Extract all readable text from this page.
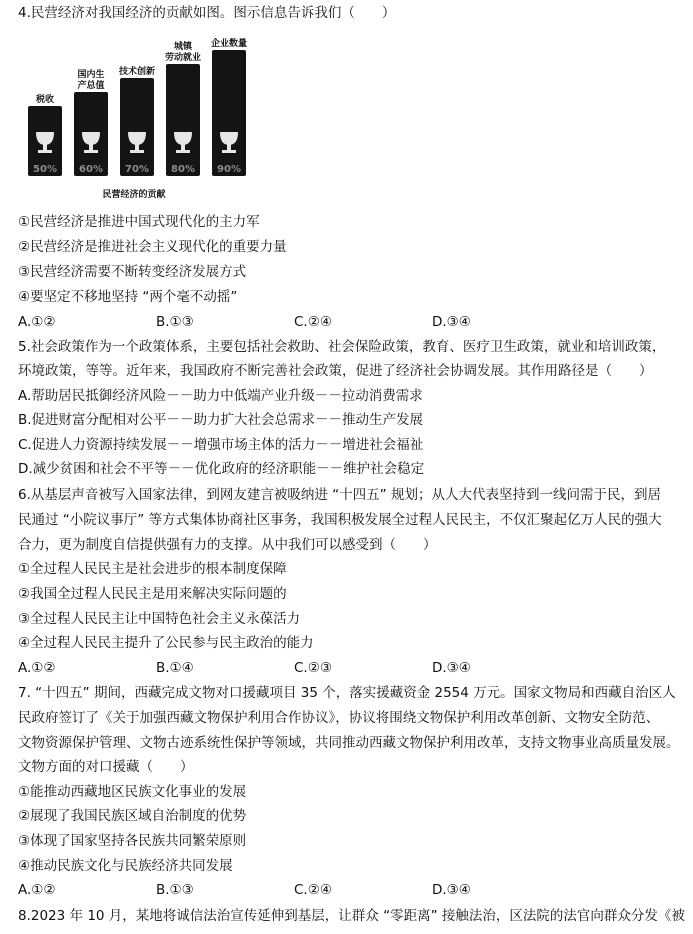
4.民营经济对我国经济的贡献如图。图示信息告诉我们（　　）
50%
税收
60%
国内生
产总值
70%
技术创新
80%
城镇
劳动就业
90%
企业数量
民营经济的贡献
①民营经济是推进中国式现代化的主力军
②民营经济是推进社会主义现代化的重要力量
③民营经济需要不断转变经济发展方式
④要坚定不移地坚持 “两个毫不动摇”
A.①②	B.①③	C.②④	D.③④
5.社会政策作为一个政策体系，主要包括社会救助、社会保险政策，教育、医疗卫生政策，就业和培训政策，
环境政策，等等。近年来，我国政府不断完善社会政策，促进了经济社会协调发展。其作用路径是（　　）
A.帮助居民抵御经济风险－－助力中低端产业升级－－拉动消费需求
B.促进财富分配相对公平－－助力扩大社会总需求－－推动生产发展
C.促进人力资源持续发展－－增强市场主体的活力－－增进社会福祉
D.减少贫困和社会不平等－－优化政府的经济职能－－维护社会稳定
6.从基层声音被写入国家法律，到网友建言被吸纳进 “十四五” 规划；从人大代表坚持到一线问需于民，到居
民通过 “小院议事厅” 等方式集体协商社区事务，我国积极发展全过程人民民主，不仅汇聚起亿万人民的强大
合力，更为制度自信提供强有力的支撑。从中我们可以感受到（　　）
①全过程人民民主是社会进步的根本制度保障
②我国全过程人民民主是用来解决实际问题的
③全过程人民民主让中国特色社会主义永葆活力
④全过程人民民主提升了公民参与民主政治的能力
A.①②	B.①④	C.②③	D.③④
7. “十四五” 期间，西藏完成文物对口援藏项目 35 个，落实援藏资金 2554 万元。国家文物局和西藏自治区人
民政府签订了《关于加强西藏文物保护利用合作协议》，协议将围绕文物保护利用改革创新、文物安全防范、
文物资源保护管理、文物古迹系统性保护等领域，共同推动西藏文物保护利用改革，支持文物事业高质量发展。
文物方面的对口援藏（　　）
①能推动西藏地区民族文化事业的发展
②展现了我国民族区域自治制度的优势
③体现了国家坚持各民族共同繁荣原则
④推动民族文化与民族经济共同发展
A.①②	B.①③	C.②④	D.③④
8.2023 年 10 月，某地将诚信法治宣传延伸到基层，让群众 “零距离” 接触法治，区法院的法官向群众分发《被
